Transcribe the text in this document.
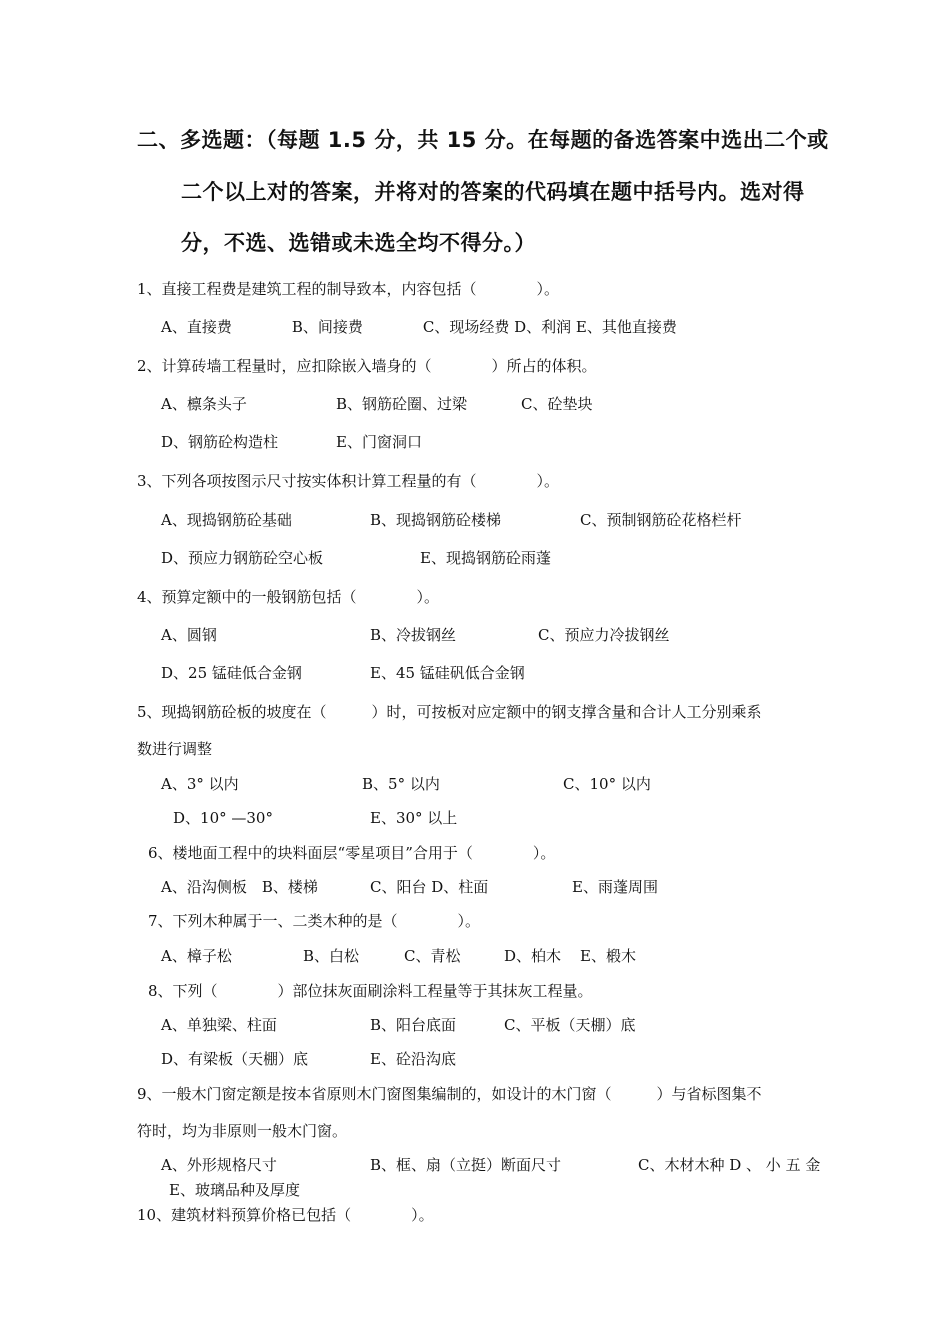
二、多选题：（每题 1.5 分，共 15 分。在每题的备选答案中选出二个或
二个以上对的答案，并将对的答案的代码填在题中括号内。选对得
分，不选、选错或未选全均不得分。）
1、直接工程费是建筑工程的制导致本，内容包括（　　　　）。
A、直接费　　　　B、间接费　　　　C、现场经费 D、利润 E、其他直接费
2、计算砖墙工程量时，应扣除嵌入墙身的（　　　　）所占的体积。
A、檩条头子	B、钢筋砼圈、过梁	C、砼垫块
D、钢筋砼构造柱	E、门窗洞口
3、下列各项按图示尺寸按实体积计算工程量的有（　　　　）。
A、现捣钢筋砼基础	B、现捣钢筋砼楼梯	C、预制钢筋砼花格栏杆
D、预应力钢筋砼空心板	E、现捣钢筋砼雨蓬
4、预算定额中的一般钢筋包括（　　　　）。
A、圆钢	B、冷拔钢丝	C、预应力冷拔钢丝
D、25 锰硅低合金钢	E、45 锰硅矾低合金钢
5、现捣钢筋砼板的坡度在（　　　）时，可按板对应定额中的钢支撑含量和合计人工分别乘系
数进行调整
A、3° 以内	B、5° 以内	C、10° 以内
D、10° —30°	E、30° 以上
6、楼地面工程中的块料面层“零星项目”合用于（　　　　）。
A、沿沟侧板　B、楼梯	C、阳台 D、柱面	E、雨蓬周围
7、下列木种属于一、二类木种的是（　　　　）。
A、樟子松	B、白松	C、青松	D、柏木 E、椴木
8、下列（　　　　）部位抹灰面刷涂料工程量等于其抹灰工程量。
A、单独梁、柱面	B、阳台底面	C、平板（天棚）底
D、有梁板（天棚）底	E、砼沿沟底
9、一般木门窗定额是按本省原则木门窗图集编制的，如设计的木门窗（　　　）与省标图集不
符时，均为非原则一般木门窗。
A、外形规格尺寸	B、框、扇（立挺）断面尺寸	C、木材木种 D 、 小 五 金
E、玻璃品种及厚度
10、建筑材料预算价格已包括（　　　　）。
